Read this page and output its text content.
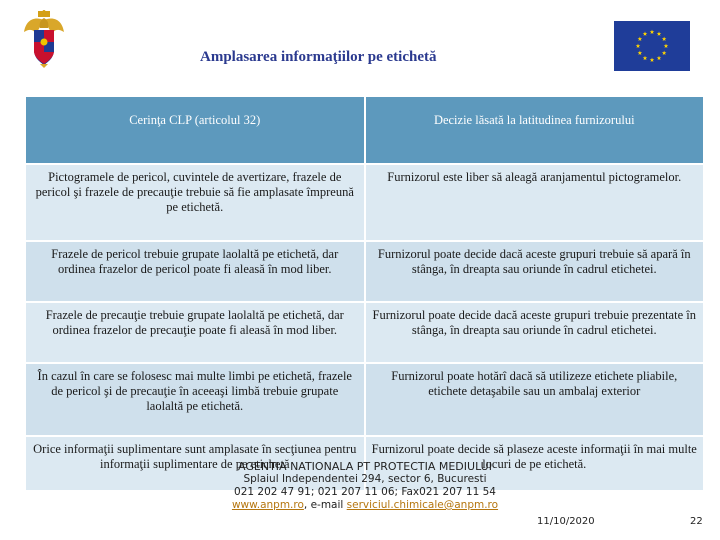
Amplasarea informaţiilor pe etichetă
Cerinţa CLP (articolul 32)	Decizie lăsată la latitudinea furnizorului
Pictogramele de pericol, cuvintele de avertizare, frazele de pericol şi frazele de precauţie trebuie să fie amplasate împreună pe etichetă.	Furnizorul este liber să aleagă aranjamentul pictogramelor.
Frazele de pericol trebuie grupate laolaltă pe etichetă, dar ordinea frazelor de pericol poate fi aleasă în mod liber.	Furnizorul poate decide dacă aceste grupuri trebuie să apară în stânga, în dreapta sau oriunde în cadrul etichetei.
Frazele de precauţie trebuie grupate laolaltă pe etichetă, dar ordinea frazelor de precauţie poate fi aleasă în mod liber.	Furnizorul poate decide dacă aceste grupuri trebuie prezentate în stânga, în dreapta sau oriunde în cadrul etichetei.
În cazul în care se folosesc mai multe limbi pe etichetă, frazele de pericol şi de precauţie în aceeaşi limbă trebuie grupate laolaltă pe etichetă.	Furnizorul poate hotărî dacă să utilizeze etichete pliabile, etichete detaşabile sau un ambalaj exterior
Orice informaţii suplimentare sunt amplasate în secţiunea pentru informaţii suplimentare de pe etichetă	Furnizorul poate decide să plaseze aceste informaţii în mai multe locuri de pe etichetă.
AGENTIA NATIONALA PT PROTECTIA MEDIULUI
Splaiul Independentei 294, sector 6, Bucuresti
021 202 47 91; 021 207 11 06; Fax021 207 11 54
www.anpm.ro, e-mail serviciul.chimicale@anpm.ro
11/10/2020	22
